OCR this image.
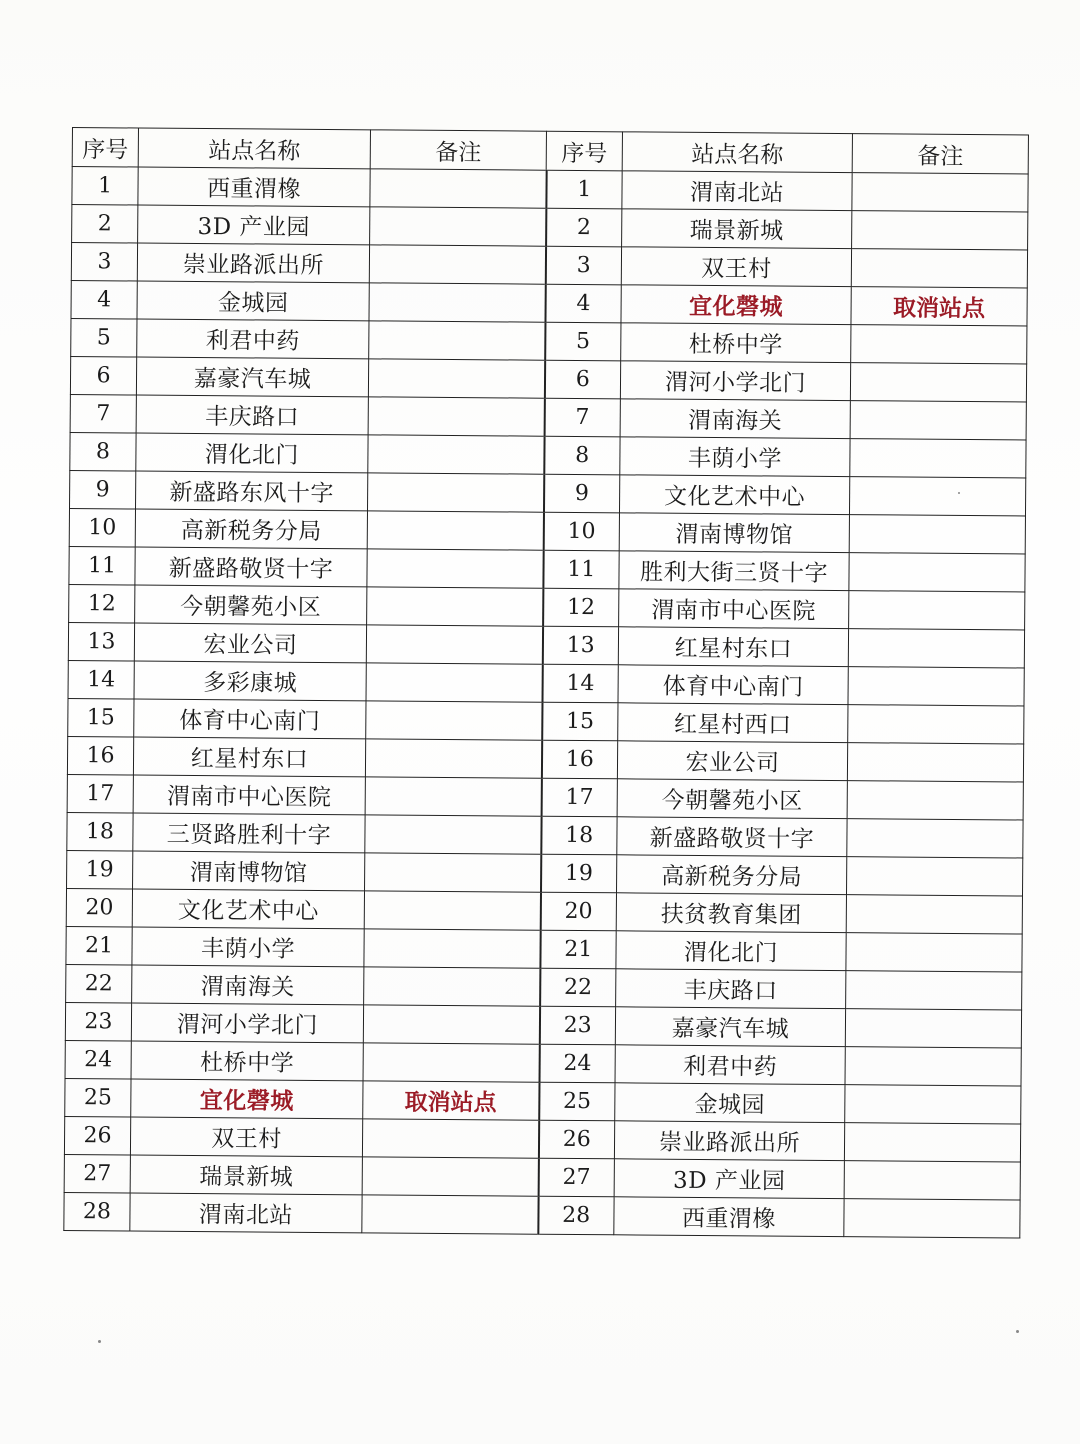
序号	站点名称	备注	序号	站点名称	备注
1	西重渭橡		1	渭南北站	
2	3D 产业园		2	瑞景新城	
3	崇业路派出所		3	双王村	
4	金城园		4	宜化磬城	取消站点
5	利君中药		5	杜桥中学	
6	嘉豪汽车城		6	渭河小学北门	
7	丰庆路口		7	渭南海关	
8	渭化北门		8	丰荫小学	
9	新盛路东风十字		9	文化艺术中心	
10	高新税务分局		10	渭南博物馆	
11	新盛路敬贤十字		11	胜利大街三贤十字	
12	今朝馨苑小区		12	渭南市中心医院	
13	宏业公司		13	红星村东口	
14	多彩康城		14	体育中心南门	
15	体育中心南门		15	红星村西口	
16	红星村东口		16	宏业公司	
17	渭南市中心医院		17	今朝馨苑小区	
18	三贤路胜利十字		18	新盛路敬贤十字	
19	渭南博物馆		19	高新税务分局	
20	文化艺术中心		20	扶贫教育集团	
21	丰荫小学		21	渭化北门	
22	渭南海关		22	丰庆路口	
23	渭河小学北门		23	嘉豪汽车城	
24	杜桥中学		24	利君中药	
25	宜化磬城	取消站点	25	金城园	
26	双王村		26	崇业路派出所	
27	瑞景新城		27	3D 产业园	
28	渭南北站		28	西重渭橡	
